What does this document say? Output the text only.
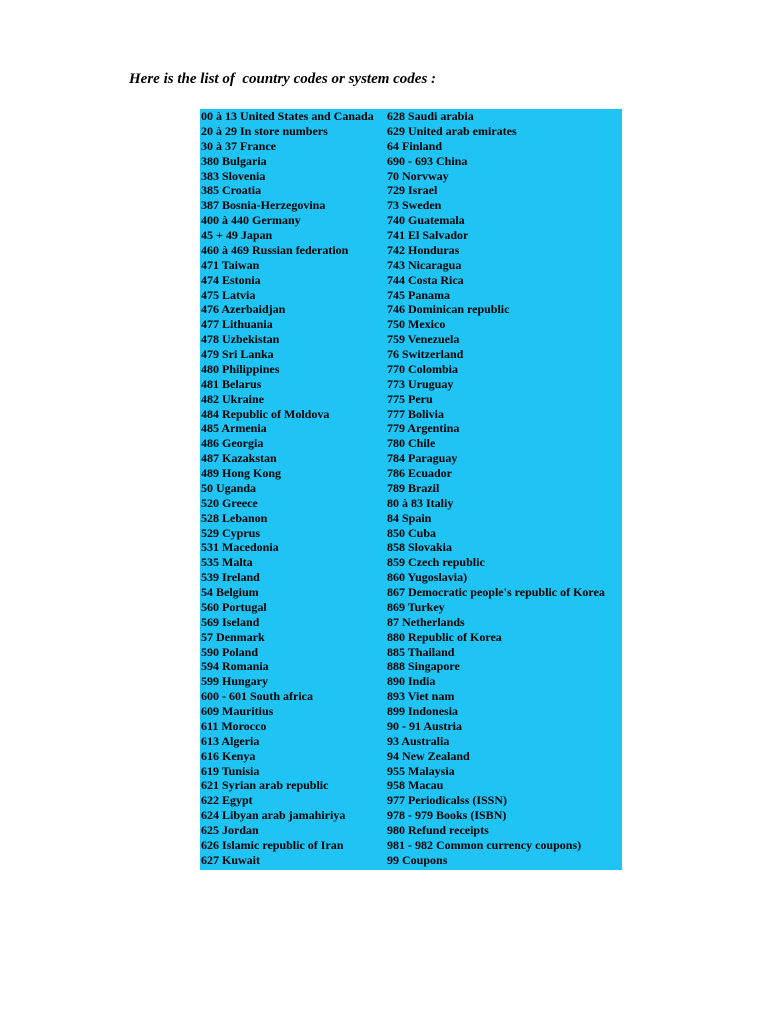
Here is the list of  country codes or system codes :
00 à 13 United States and Canada
20 à 29 In store numbers
30 à 37 France
380 Bulgaria
383 Slovenia
385 Croatia
387 Bosnia-Herzegovina
400 à 440 Germany
45 + 49 Japan
460 à 469 Russian federation
471 Taiwan
474 Estonia
475 Latvia
476 Azerbaidjan
477 Lithuania
478 Uzbekistan
479 Sri Lanka
480 Philippines
481 Belarus
482 Ukraine
484 Republic of Moldova
485 Armenia
486 Georgia
487 Kazakstan
489 Hong Kong
50 Uganda
520 Greece
528 Lebanon
529 Cyprus
531 Macedonia
535 Malta
539 Ireland
54 Belgium
560 Portugal
569 Iseland
57 Denmark
590 Poland
594 Romania
599 Hungary
600 - 601 South africa
609 Mauritius
611 Morocco
613 Algeria
616 Kenya
619 Tunisia
621 Syrian arab republic
622 Egypt
624 Libyan arab jamahiriya
625 Jordan
626 Islamic republic of Iran
627 Kuwait
628 Saudi arabia
629 United arab emirates
64 Finland
690 - 693 China
70 Norvway
729 Israel
73 Sweden
740 Guatemala
741 El Salvador
742 Honduras
743 Nicaragua
744 Costa Rica
745 Panama
746 Dominican republic
750 Mexico
759 Venezuela
76 Switzerland
770 Colombia
773 Uruguay
775 Peru
777 Bolivia
779 Argentina
780 Chile
784 Paraguay
786 Ecuador
789 Brazil
80 à 83 Italiy
84 Spain
850 Cuba
858 Slovakia
859 Czech republic
860 Yugoslavia)
867 Democratic people's republic of Korea
869 Turkey
87 Netherlands
880 Republic of Korea
885 Thailand
888 Singapore
890 India
893 Viet nam
899 Indonesia
90 - 91 Austria
93 Australia
94 New Zealand
955 Malaysia
958 Macau
977 Periodicalss (ISSN)
978 - 979 Books (ISBN)
980 Refund receipts
981 - 982 Common currency coupons)
99 Coupons
